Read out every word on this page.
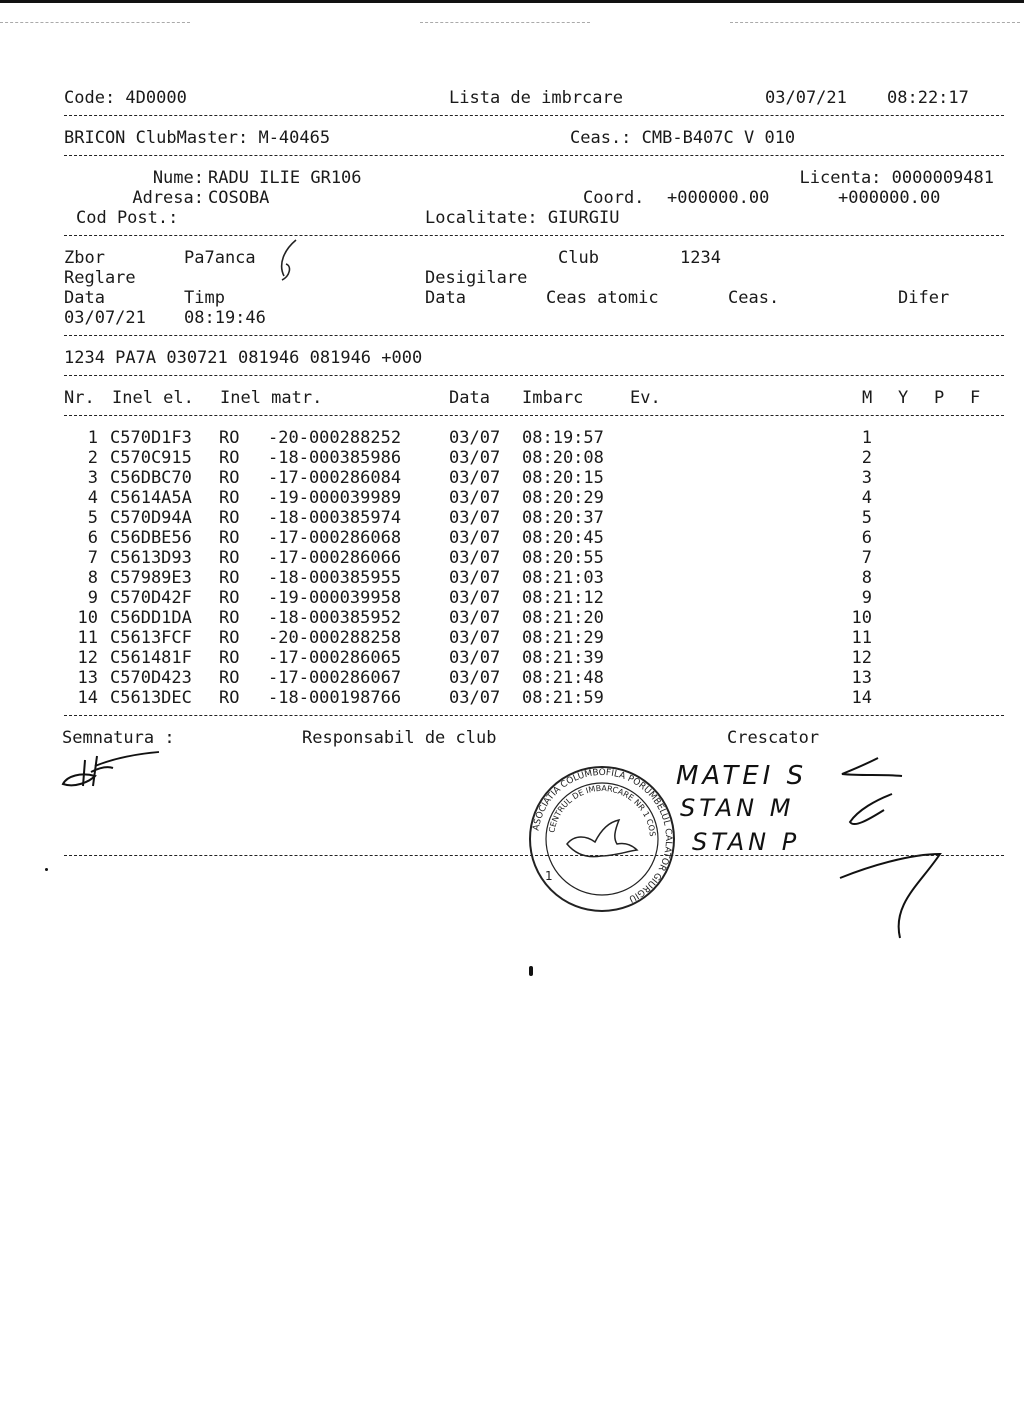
Code: 4D0000	Lista de imbrcare	03/07/21 08:22:17
BRICON ClubMaster: M-40465	Ceas.: CMB-B407C V 010
Nume: RADU ILIE GR106	Licenta: 0000009481
Adresa: COSOBA	Coord. +000000.00	+000000.00
Cod Post.:	Localitate: GIURGIU
Zbor	Pa7anca	Club	1234
Reglare	Desigilare
Data	Timp	Data	Ceas atomic	Ceas.	Difer
03/07/21 08:19:46
1234 PA7A 030721 081946 081946 +000
Nr. Inel el. Inel matr.	Data Imbarc	Ev.	M Y P F
1 C570D1F3 RO -20-000288252	03/07 08:19:57	1
2 C570C915 RO -18-000385986	03/07 08:20:08	2
3 C56DBC70 RO -17-000286084	03/07 08:20:15	3
4 C5614A5A RO -19-000039989	03/07 08:20:29	4
5 C570D94A RO -18-000385974	03/07 08:20:37	5
6 C56DBE56 RO -17-000286068	03/07 08:20:45	6
7 C5613D93 RO -17-000286066	03/07 08:20:55	7
8 C57989E3 RO -18-000385955	03/07 08:21:03	8
9 C570D42F RO -19-000039958	03/07 08:21:12	9
10 C56DD1DA RO -18-000385952	03/07 08:21:20	10
11 C5613FCF RO -20-000288258	03/07 08:21:29	11
12 C561481F RO -17-000286065	03/07 08:21:39	12
13 C570D423 RO -17-000286067	03/07 08:21:48	13
14 C5613DEC RO -18-000198766	03/07 08:21:59	14
Semnatura :	Responsabil de club	Crescator
ASOCIATIA COLUMBOFILA PORUMBELUL CALATOR GIURGIU
CENTRUL DE IMBARCARE NR 1 COSOBA
1
MATEI S
STAN M
STAN P
